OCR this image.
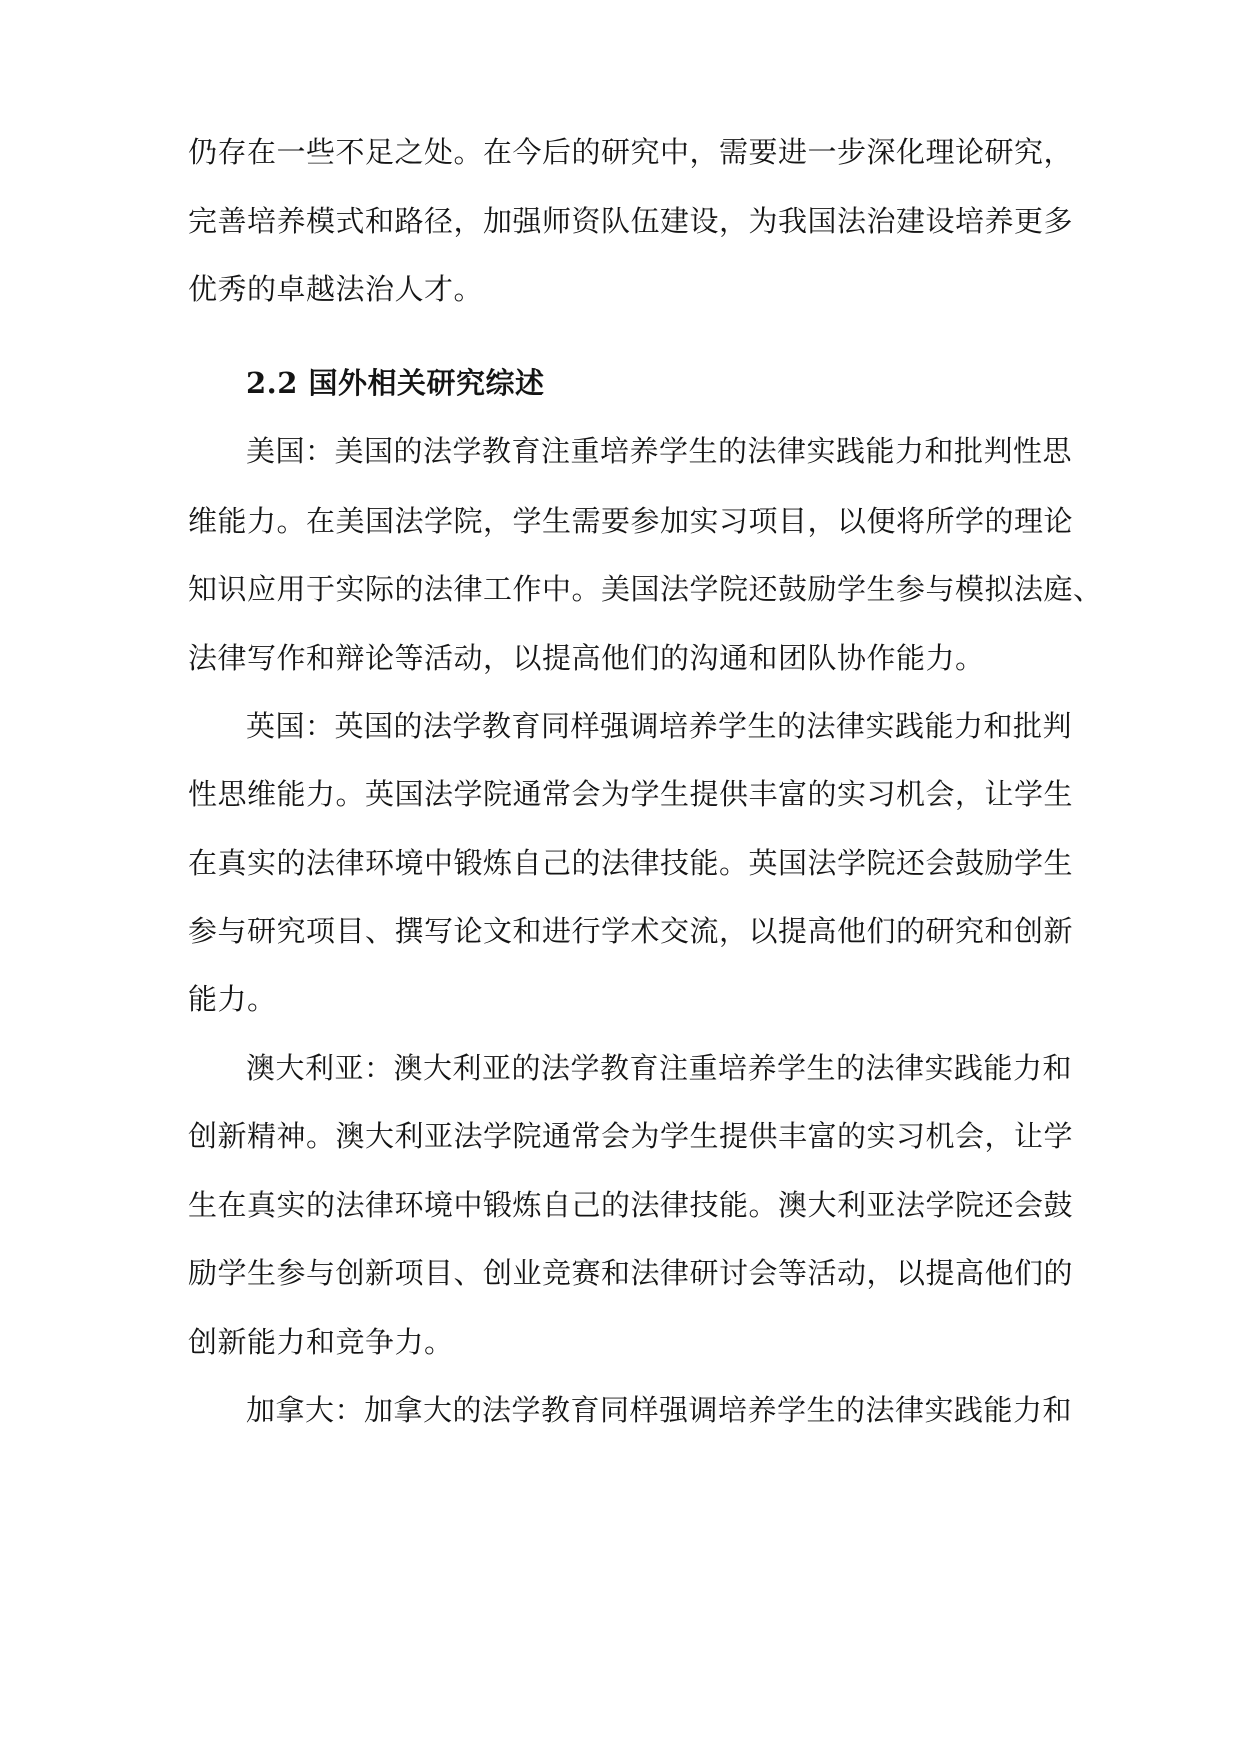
仍存在一些不足之处。在今后的研究中，需要进一步深化理论研究，
完善培养模式和路径，加强师资队伍建设，为我国法治建设培养更多
优秀的卓越法治人才。
2.2 国外相关研究综述
美国：美国的法学教育注重培养学生的法律实践能力和批判性思
维能力。在美国法学院，学生需要参加实习项目，以便将所学的理论
知识应用于实际的法律工作中。美国法学院还鼓励学生参与模拟法庭、
法律写作和辩论等活动，以提高他们的沟通和团队协作能力。
英国：英国的法学教育同样强调培养学生的法律实践能力和批判
性思维能力。英国法学院通常会为学生提供丰富的实习机会，让学生
在真实的法律环境中锻炼自己的法律技能。英国法学院还会鼓励学生
参与研究项目、撰写论文和进行学术交流，以提高他们的研究和创新
能力。
澳大利亚：澳大利亚的法学教育注重培养学生的法律实践能力和
创新精神。澳大利亚法学院通常会为学生提供丰富的实习机会，让学
生在真实的法律环境中锻炼自己的法律技能。澳大利亚法学院还会鼓
励学生参与创新项目、创业竞赛和法律研讨会等活动，以提高他们的
创新能力和竞争力。
加拿大：加拿大的法学教育同样强调培养学生的法律实践能力和
